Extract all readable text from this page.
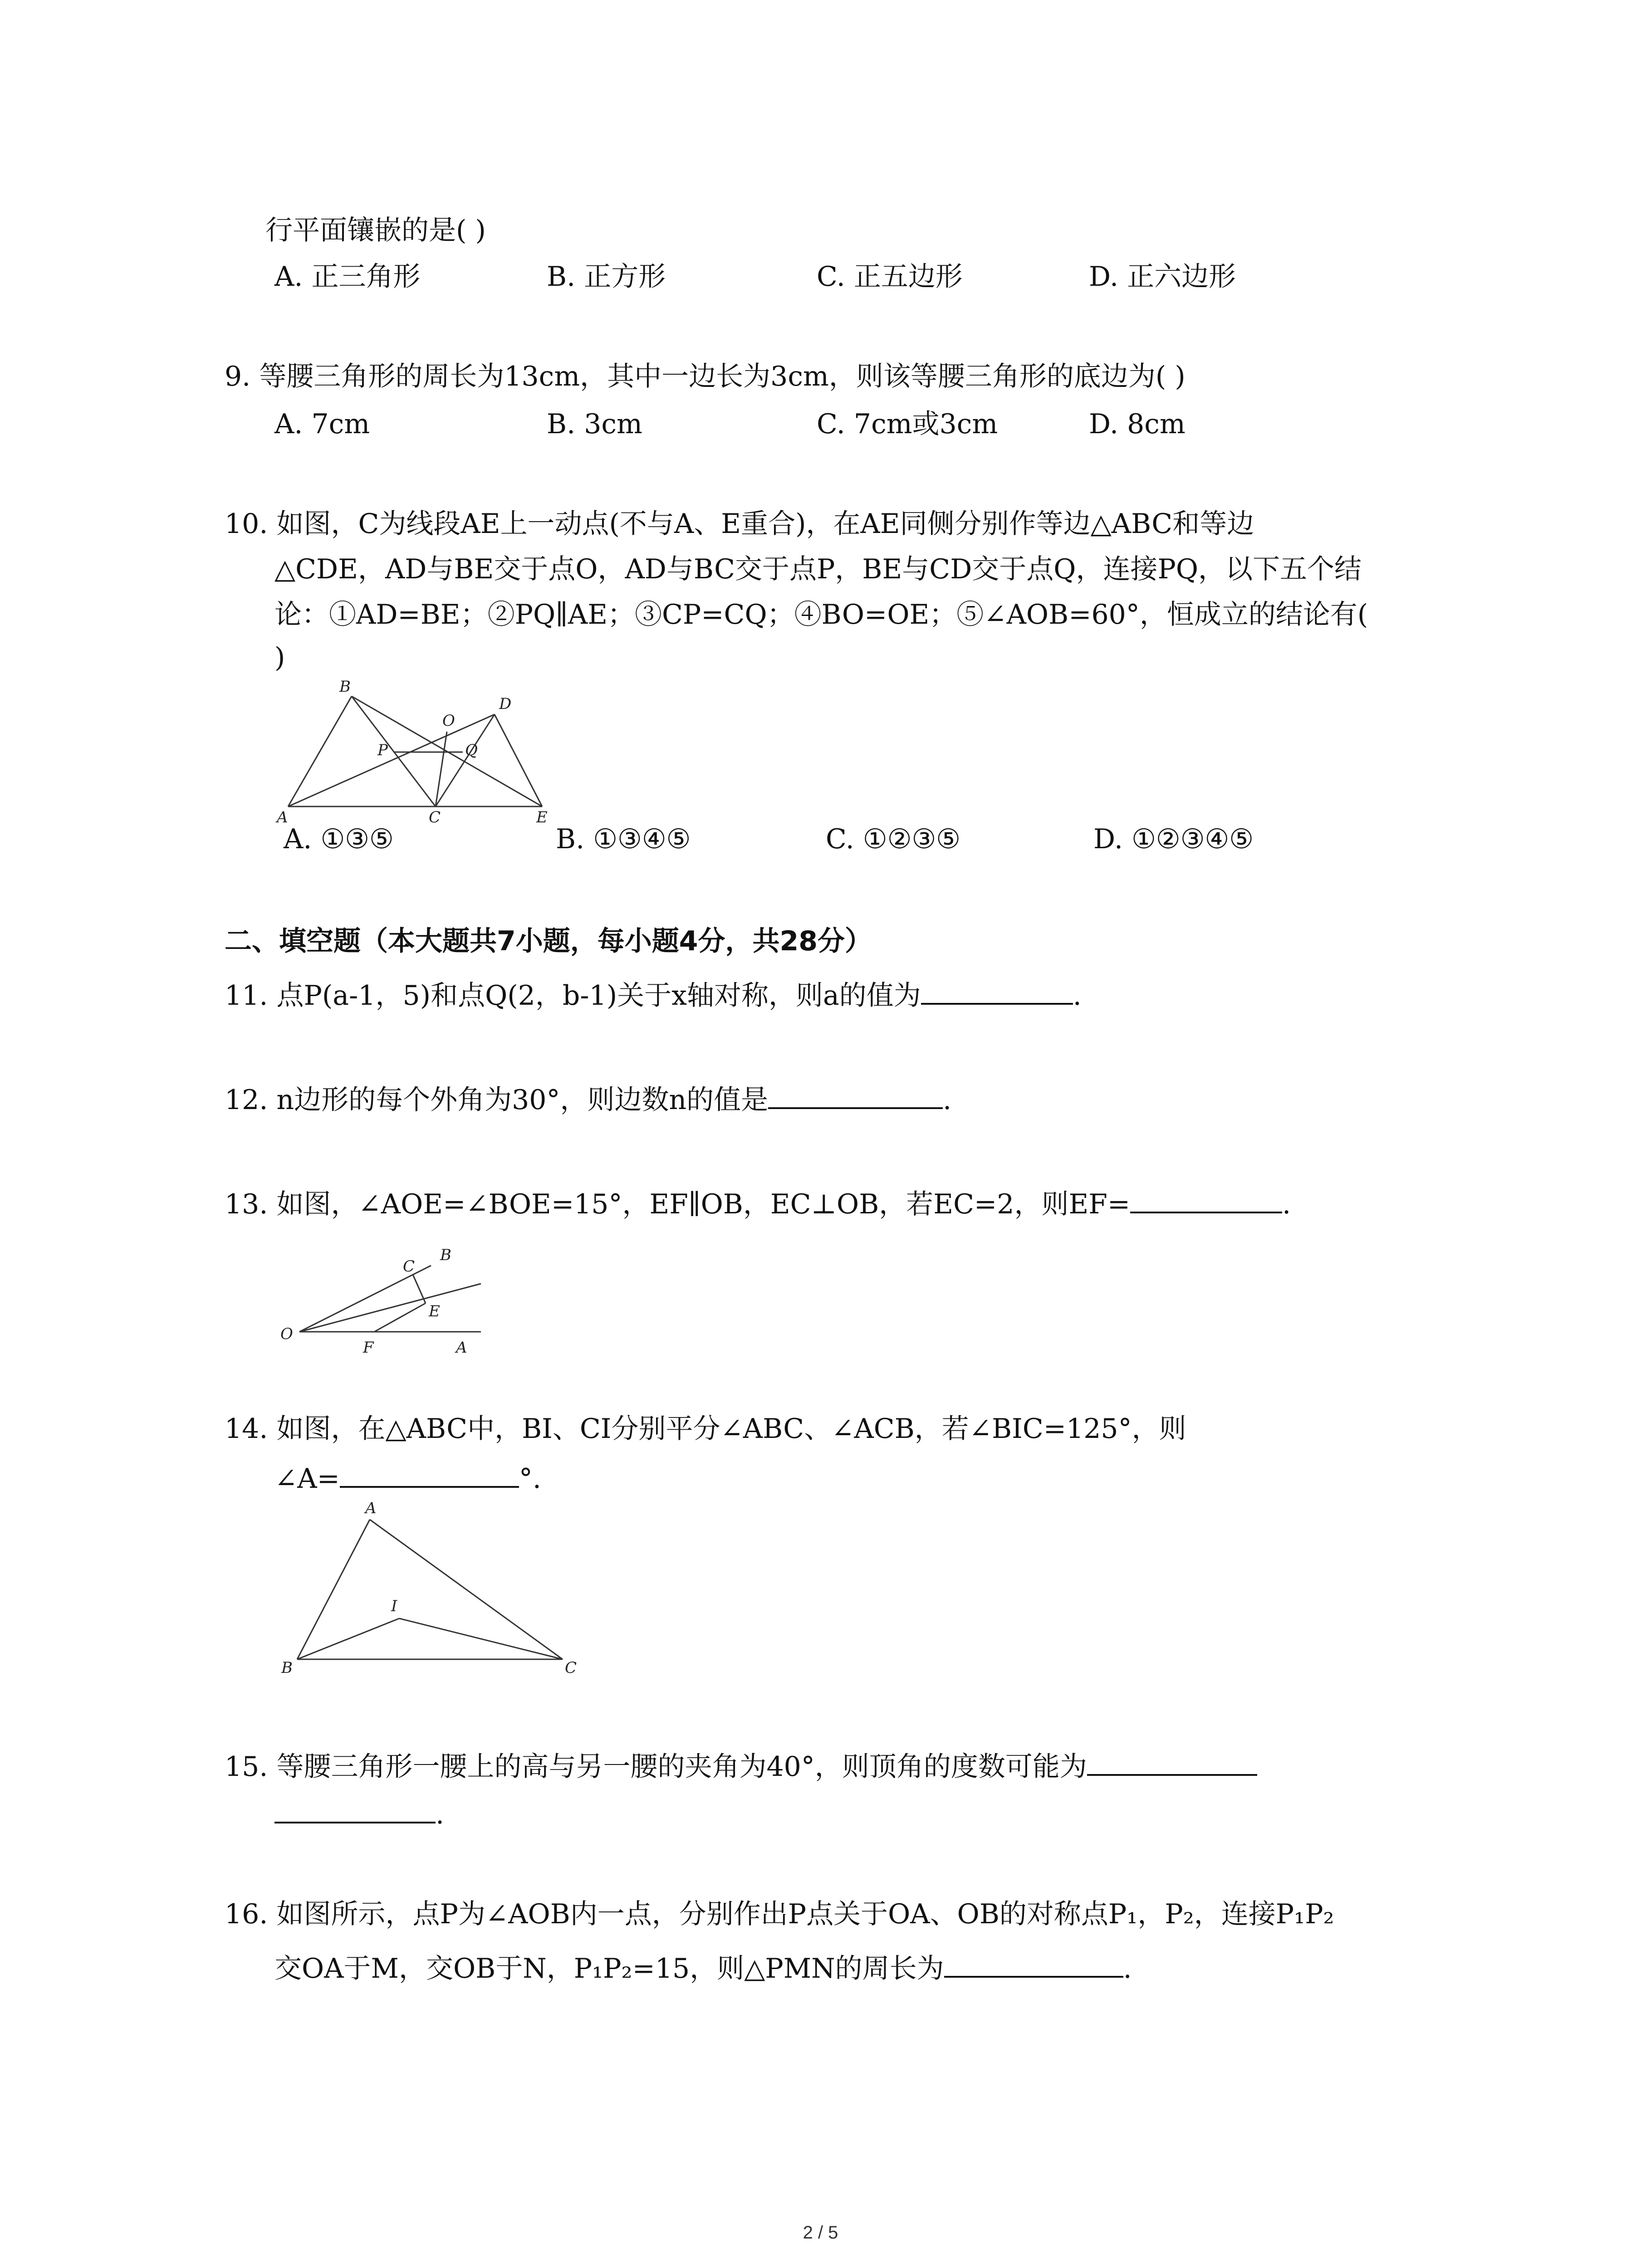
行平面镶嵌的是( )
A. 正三角形	B. 正方形	C. 正五边形	D. 正六边形
9. 等腰三角形的周长为13cm，其中一边长为3cm，则该等腰三角形的底边为( )
A. 7cm	B. 3cm	C. 7cm或3cm	D. 8cm
10. 如图，C为线段AE上一动点(不与A、E重合)，在AE同侧分别作等边△ABC和等边
△CDE，AD与BE交于点O，AD与BC交于点P，BE与CD交于点Q，连接PQ，以下五个结
论：①AD=BE；②PQ∥AE；③CP=CQ；④BO=OE；⑤∠AOB=60°，恒成立的结论有(
)
B
O
D
P	Q
A	C	E
A. ①③⑤	B. ①③④⑤	C. ①②③⑤	D. ①②③④⑤
二、填空题（本大题共7小题，每小题4分，共28分）
11. 点P(a-1，5)和点Q(2，b-1)关于x轴对称，则a的值为	.
12. n边形的每个外角为30°，则边数n的值是	.
13. 如图，∠AOE=∠BOE=15°，EF∥OB，EC⊥OB，若EC=2，则EF=	.
B
C
E
O
F	A
14. 如图，在△ABC中，BI、CI分别平分∠ABC、∠ACB，若∠BIC=125°，则
∠A=	°.
A
I
B	C
15. 等腰三角形一腰上的高与另一腰的夹角为40°，则顶角的度数可能为
.
16. 如图所示，点P为∠AOB内一点，分别作出P点关于OA、OB的对称点P₁，P₂，连接P₁P₂
交OA于M，交OB于N，P₁P₂=15，则△PMN的周长为	.
2 / 5
